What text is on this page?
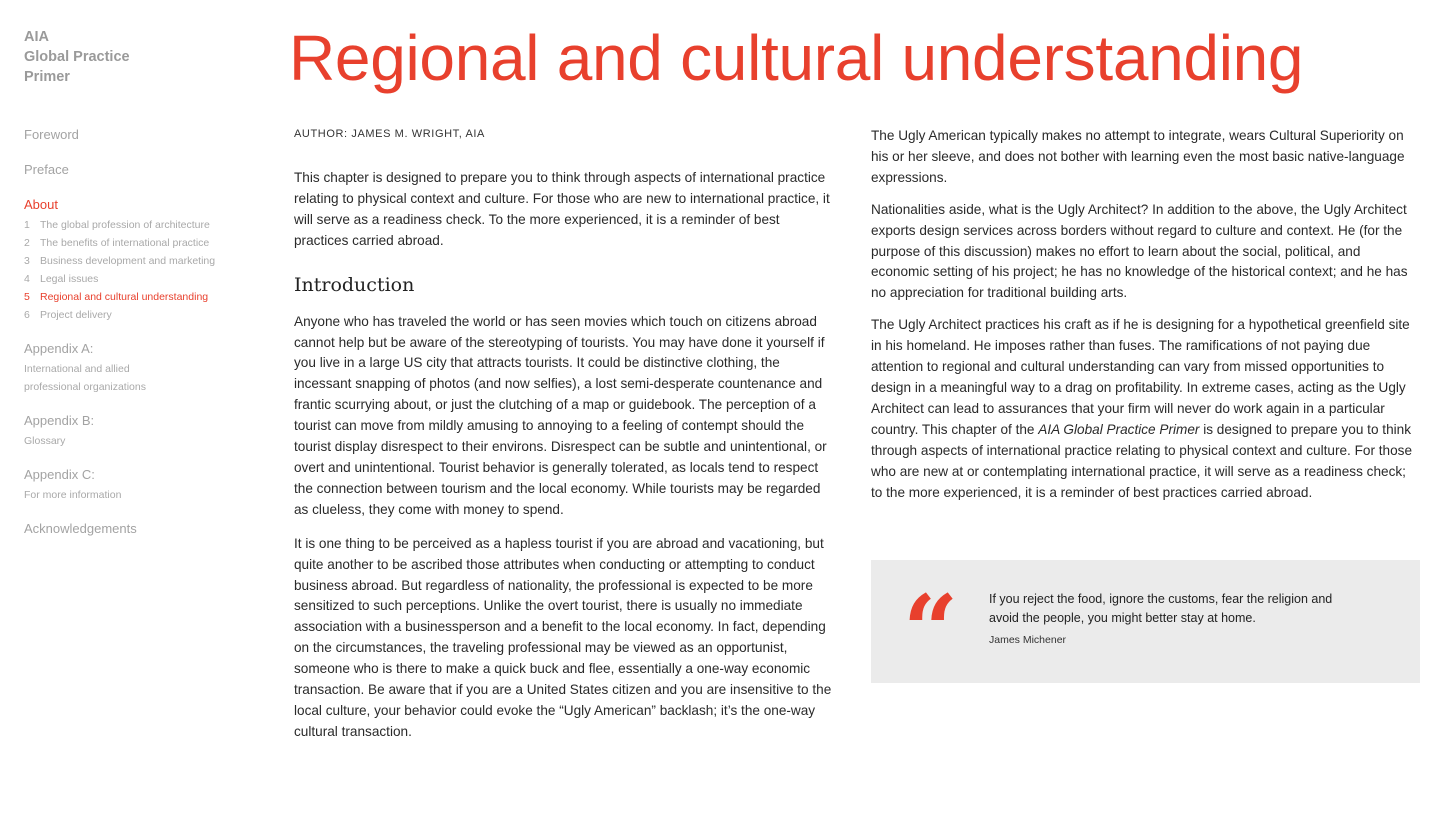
AIA
Global Practice
Primer
Foreword
Preface
About
1 The global profession of architecture
2 The benefits of international practice
3 Business development and marketing
4 Legal issues
5 Regional and cultural understanding
6 Project delivery
Appendix A:
International and allied
professional organizations
Appendix B:
Glossary
Appendix C:
For more information
Acknowledgements
Regional and cultural understanding
AUTHOR: JAMES M. WRIGHT, AIA

This chapter is designed to prepare you to think through aspects of international practice relating to physical context and culture. For those who are new to international practice, it will serve as a readiness check. To the more experienced, it is a reminder of best practices carried abroad.

Introduction

Anyone who has traveled the world or has seen movies which touch on citizens abroad cannot help but be aware of the stereotyping of tourists. You may have done it yourself if you live in a large US city that attracts tourists. It could be distinctive clothing, the incessant snapping of photos (and now selfies), a lost semi-desperate countenance and frantic scurrying about, or just the clutching of a map or guidebook. The perception of a tourist can move from mildly amusing to annoying to a feeling of contempt should the tourist display disrespect to their environs. Disrespect can be subtle and unintentional, or overt and unintentional. Tourist behavior is generally tolerated, as locals tend to respect the connection between tourism and the local economy. While tourists may be regarded as clueless, they come with money to spend.

It is one thing to be perceived as a hapless tourist if you are abroad and vacationing, but quite another to be ascribed those attributes when conducting or attempting to conduct business abroad. But regardless of nationality, the professional is expected to be more sensitized to such perceptions. Unlike the overt tourist, there is usually no immediate association with a businessperson and a benefit to the local economy. In fact, depending on the circumstances, the traveling professional may be viewed as an opportunist, someone who is there to make a quick buck and flee, essentially a one-way economic transaction. Be aware that if you are a United States citizen and you are insensitive to the local culture, your behavior could evoke the “Ugly American” backlash; it’s the one-way cultural transaction.

The Ugly American typically makes no attempt to integrate, wears Cultural Superiority on his or her sleeve, and does not bother with learning even the most basic native-language expressions.

Nationalities aside, what is the Ugly Architect? In addition to the above, the Ugly Architect exports design services across borders without regard to culture and context. He (for the purpose of this discussion) makes no effort to learn about the social, political, and economic setting of his project; he has no knowledge of the historical context; and he has no appreciation for traditional building arts.

The Ugly Architect practices his craft as if he is designing for a hypothetical greenfield site in his homeland. He imposes rather than fuses. The ramifications of not paying due attention to regional and cultural understanding can vary from missed opportunities to design in a meaningful way to a drag on profitability. In extreme cases, acting as the Ugly Architect can lead to assurances that your firm will never do work again in a particular country. This chapter of the AIA Global Practice Primer is designed to prepare you to think through aspects of international practice relating to physical context and culture. For those who are new at or contemplating international practice, it will serve as a readiness check; to the more experienced, it is a reminder of best practices carried abroad.

“ If you reject the food, ignore the customs, fear the religion and avoid the people, you might better stay at home.
James Michener
